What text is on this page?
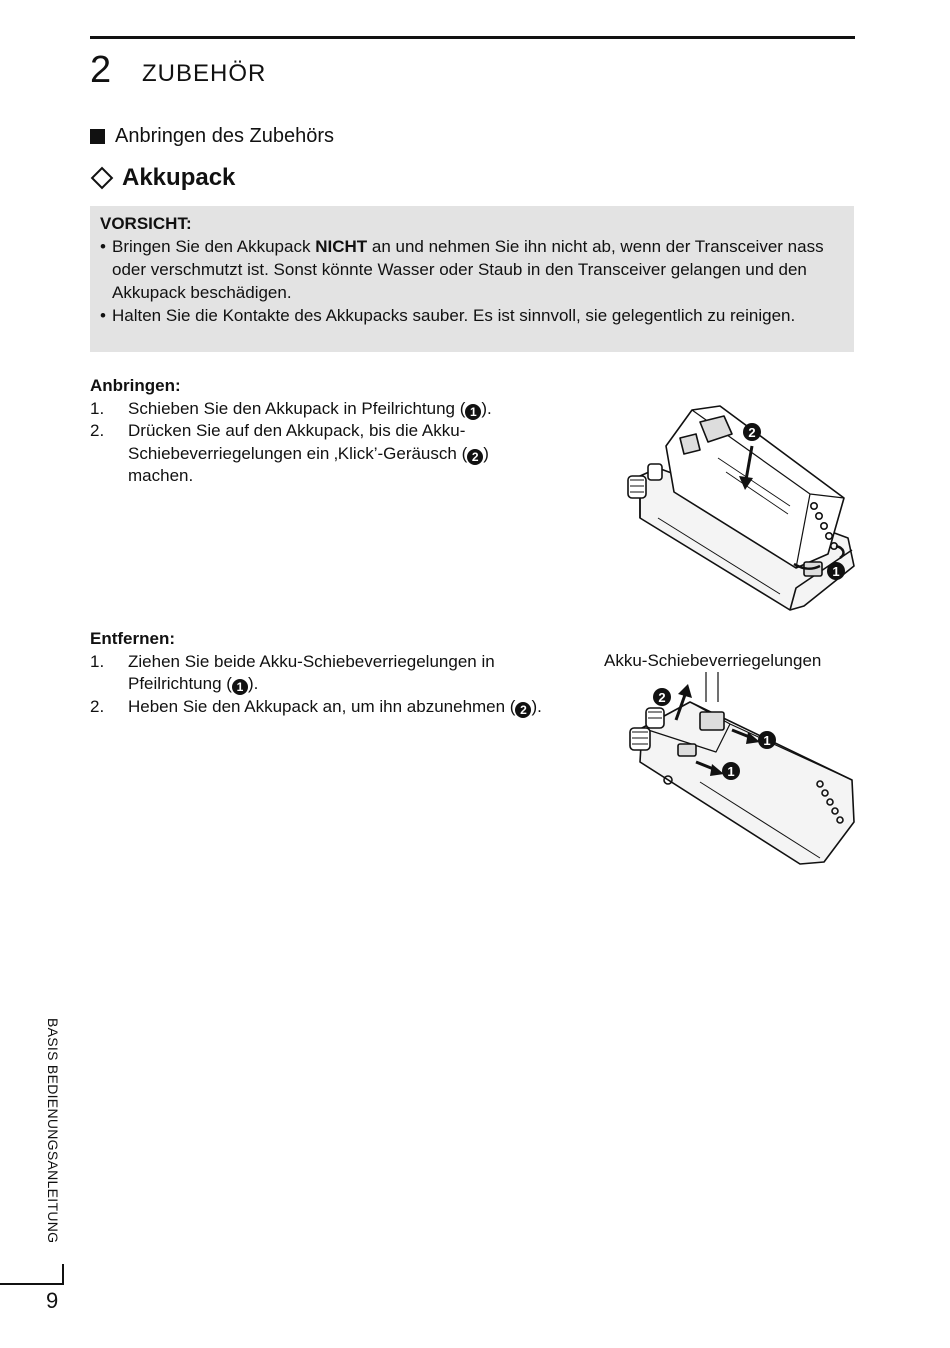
2 ZUBEHÖR
Anbringen des Zubehörs
Akkupack
VORSICHT:
• Bringen Sie den Akkupack NICHT an und nehmen Sie ihn nicht ab, wenn der Transceiver nass oder verschmutzt ist. Sonst könnte Wasser oder Staub in den Transceiver gelangen und den Akkupack beschädigen.
• Halten Sie die Kontakte des Akkupacks sauber. Es ist sinnvoll, sie gelegentlich zu reinigen.
Anbringen:
1.	Schieben Sie den Akkupack in Pfeilrichtung ( 1 ).
2.	Drücken Sie auf den Akkupack, bis die Akku-Schiebeverriegelungen ein ‚Klick’-Geräusch ( 2 ) machen.
Entfernen:
1.	Ziehen Sie beide Akku-Schiebeverriegelungen in Pfeilrichtung ( 1 ).
2.	Heben Sie den Akkupack an, um ihn abzunehmen ( 2 ).
2
1
Akku-Schiebeverriegelungen
2
1
1
BASIS BEDIENUNGSANLEITUNG
9
